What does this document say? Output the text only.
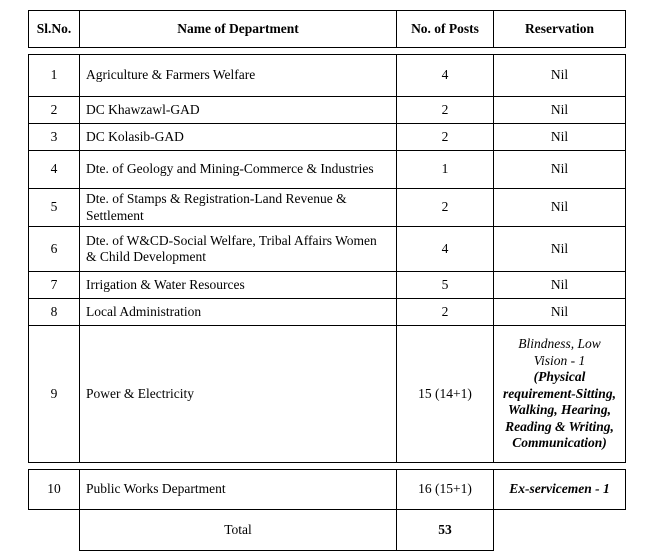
Sl.No.	Name of Department	No. of Posts	Reservation

1	Agriculture & Farmers Welfare	4	Nil
2	DC Khawzawl-GAD	2	Nil
3	DC Kolasib-GAD	2	Nil
4	Dte. of Geology and Mining-Commerce & Industries	1	Nil
5	Dte. of Stamps & Registration-Land Revenue & Settlement	2	Nil
6	Dte. of W&CD-Social Welfare, Tribal Affairs Women & Child Development	4	Nil
7	Irrigation & Water Resources	5	Nil
8	Local Administration	2	Nil
9	Power & Electricity	15 (14+1)	Blindness, Low Vision - 1
(Physical requirement-Sitting, Walking, Hearing, Reading & Writing, Communication)

10	Public Works Department	16 (15+1)	Ex-servicemen - 1
	Total	53	
